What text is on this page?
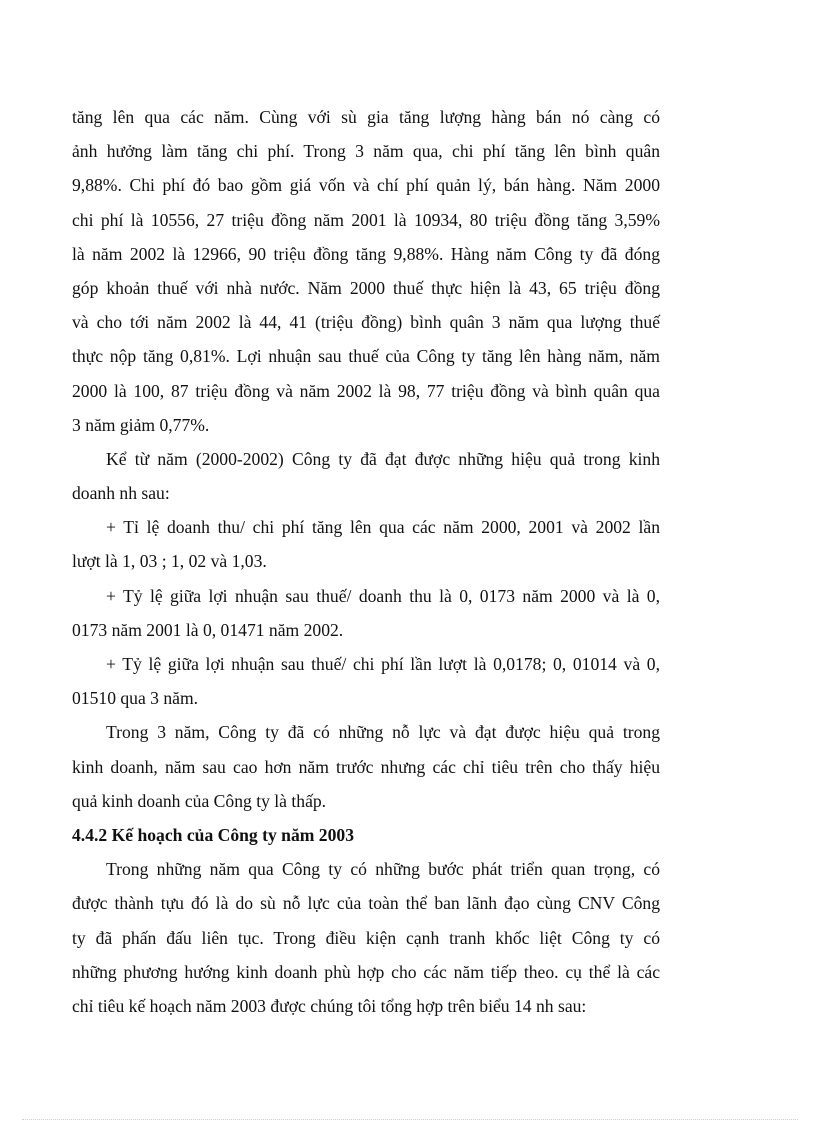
tăng lên qua các năm. Cùng với sù gia tăng lượng hàng bán nó càng có
ảnh hưởng làm tăng chi phí. Trong 3 năm qua, chi phí tăng lên bình quân
9,88%. Chi phí đó bao gồm giá vốn và chí phí quản lý, bán hàng. Năm 2000
chi phí là 10556, 27 triệu đồng năm 2001 là 10934, 80 triệu đồng tăng 3,59%
là năm 2002 là 12966, 90 triệu đồng tăng 9,88%. Hàng năm Công ty đã đóng
góp khoản thuế với nhà nước. Năm 2000 thuế thực hiện là 43, 65 triệu đồng
và cho tới năm 2002 là 44, 41 (triệu đồng) bình quân 3 năm qua lượng thuế
thực nộp tăng 0,81%. Lợi nhuận sau thuế của Công ty tăng lên hàng năm, năm
2000 là 100, 87 triệu đồng và năm 2002 là 98, 77 triệu đồng và bình quân qua
3 năm giảm 0,77%.
Kể từ năm (2000-2002) Công ty đã đạt được những hiệu quả trong kinh
doanh nh sau:
+ Tỉ lệ doanh thu/ chi phí tăng lên qua các năm 2000, 2001 và 2002 lần
lượt là 1, 03 ; 1, 02 và 1,03.
+ Tỷ lệ giữa lợi nhuận sau thuế/ doanh thu là 0, 0173 năm 2000 và là 0,
0173 năm 2001 là 0, 01471 năm 2002.
+ Tỷ lệ giữa lợi nhuận sau thuế/ chi phí lần lượt là 0,0178; 0, 01014 và 0,
01510 qua 3 năm.
Trong 3 năm, Công ty đã có những nỗ lực và đạt được hiệu quả trong
kinh doanh, năm sau cao hơn năm trước nhưng các chỉ tiêu trên cho thấy hiệu
quả kinh doanh của Công ty là thấp.
4.4.2 Kế hoạch của Công ty năm 2003
Trong những năm qua Công ty có những bước phát triển quan trọng, có
được thành tựu đó là do sù nỗ lực của toàn thể ban lãnh đạo cùng CNV Công
ty đã phấn đấu liên tục. Trong điều kiện cạnh tranh khốc liệt Công ty có
những phương hướng kinh doanh phù hợp cho các năm tiếp theo. cụ thể là các
chỉ tiêu kế hoạch năm 2003 được chúng tôi tổng hợp trên biểu 14 nh sau:
